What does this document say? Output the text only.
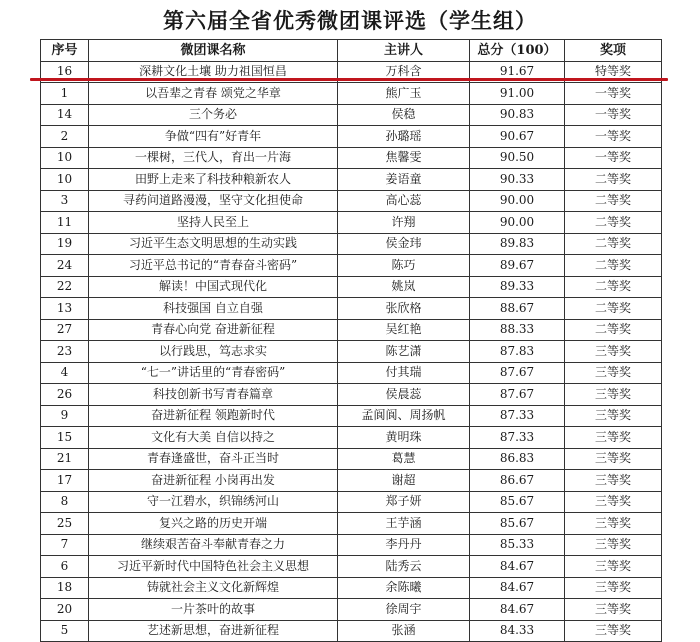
第六届全省优秀微团课评选（学生组）
序号	微团课名称	主讲人	总分（100）	奖项
16	深耕文化土壤 助力祖国恒昌	万科含	91.67	特等奖
1	以吾辈之青春 颂党之华章	熊广玉	91.00	一等奖
14	三个务必	侯稳	90.83	一等奖
2	争做“四有”好青年	孙璐瑶	90.67	一等奖
10	一棵树，三代人，育出一片海	焦馨雯	90.50	一等奖
10	田野上走来了科技种粮新农人	姜语童	90.33	二等奖
3	寻药问道路漫漫，坚守文化担使命	高心蕊	90.00	二等奖
11	坚持人民至上	许翔	90.00	二等奖
19	习近平生态文明思想的生动实践	侯金玮	89.83	二等奖
24	习近平总书记的“青春奋斗密码”	陈巧	89.67	二等奖
22	解读！中国式现代化	姚岚	89.33	二等奖
13	科技强国 自立自强	张欣格	88.67	二等奖
27	青春心向党 奋进新征程	吴红艳	88.33	二等奖
23	以行践思，笃志求实	陈艺潇	87.83	三等奖
4	“七一”讲话里的“青春密码”	付其瑞	87.67	三等奖
26	科技创新书写青春篇章	侯晨蕊	87.67	三等奖
9	奋进新征程 领跑新时代	孟阆阆、周扬帆	87.33	三等奖
15	文化有大美 自信以持之	黄明珠	87.33	三等奖
21	青春逢盛世，奋斗正当时	葛慧	86.83	三等奖
17	奋进新征程 小岗再出发	谢超	86.67	三等奖
8	守一江碧水，织锦绣河山	郑子妍	85.67	三等奖
25	复兴之路的历史开端	王芋涵	85.67	三等奖
7	继续艰苦奋斗奉献青春之力	李丹丹	85.33	三等奖
6	习近平新时代中国特色社会主义思想	陆秀云	84.67	三等奖
18	铸就社会主义文化新辉煌	余陈曦	84.67	三等奖
20	一片茶叶的故事	徐周宇	84.67	三等奖
5	艺述新思想，奋进新征程	张涵	84.33	三等奖
